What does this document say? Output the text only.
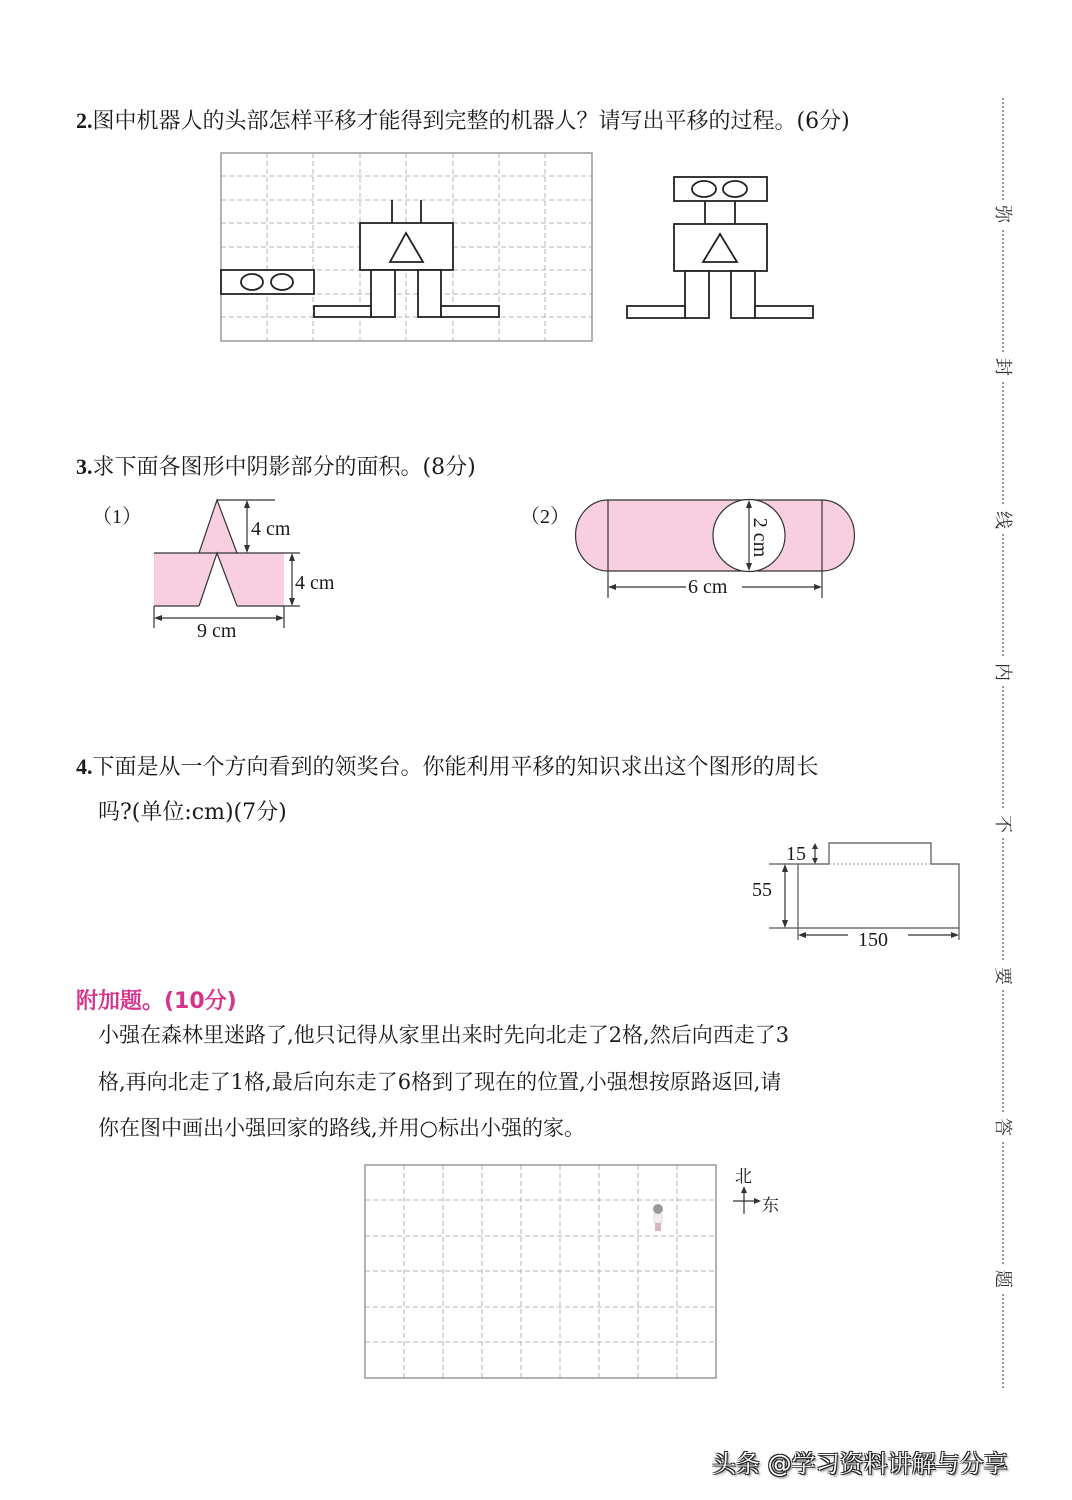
2.图中机器人的头部怎样平移才能得到完整的机器人？请写出平移的过程。(6分)
3.求下面各图形中阴影部分的面积。(8分)
（1）
4 cm
4 cm
9 cm
（2）
2 cm
6 cm
4.下面是从一个方向看到的领奖台。你能利用平移的知识求出这个图形的周长
吗?(单位:cm)(7分)
15
55
150
附加题。(10分)
小强在森林里迷路了,他只记得从家里出来时先向北走了2格,然后向西走了3
格,再向北走了1格,最后向东走了6格到了现在的位置,小强想按原路返回,请
你在图中画出小强回家的路线,并用○标出小强的家。
北
东
弥
封
线
内
不
要
答
题
头条 @学习资料讲解与分享
